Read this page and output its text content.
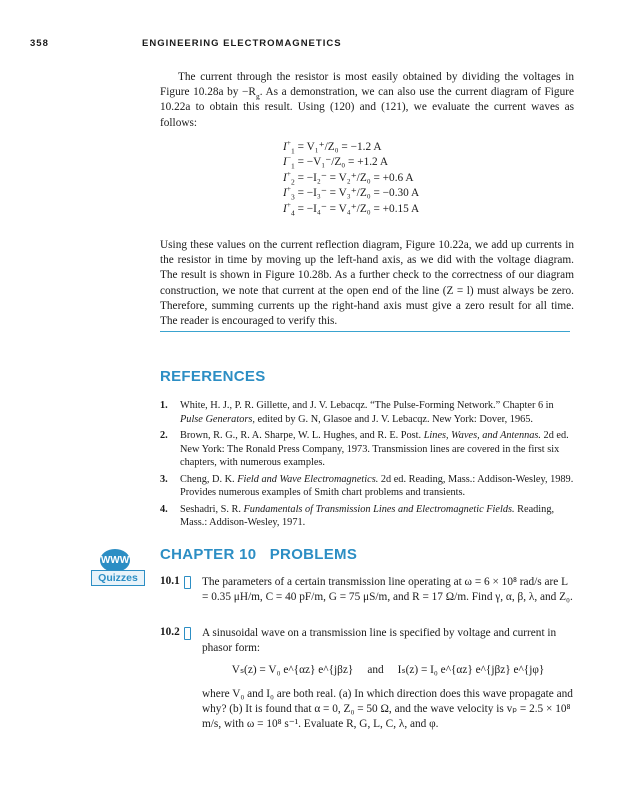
358	ENGINEERING ELECTROMAGNETICS

The current through the resistor is most easily obtained by dividing the voltages in Figure 10.28a by $-R_g$. As a demonstration, we can also use the current diagram of Figure 10.22a to obtain this result. Using (120) and (121), we evaluate the current waves as follows:

$I^+_1 = V_1^+/Z_0 = -1.2$ A
$I^-_1 = -V_1^-/Z_0 = +1.2$ A
$I^+_2 = -I_2^- = V_2^+/Z_0 = +0.6$ A
$I^+_3 = -I_3^- = V_3^+/Z_0 = -0.30$ A
$I^+_4 = -I_4^- = V_4^+/Z_0 = +0.15$ A

Using these values on the current reflection diagram, Figure 10.22a, we add up currents in the resistor in time by moving up the left-hand axis, as we did with the voltage diagram. The result is shown in Figure 10.28b. As a further check to the correctness of our diagram construction, we note that current at the open end of the line (Z = l) must always be zero. Therefore, summing currents up the right-hand axis must give a zero result for all time. The reader is encouraged to verify this.

REFERENCES
1. White, H. J., P. R. Gillette, and J. V. Lebacqz. “The Pulse-Forming Network.” Chapter 6 in Pulse Generators, edited by G. N, Glasoe and J. V. Lebacqz. New York: Dover, 1965.
2. Brown, R. G., R. A. Sharpe, W. L. Hughes, and R. E. Post. Lines, Waves, and Antennas. 2d ed. New York: The Ronald Press Company, 1973. Transmission lines are covered in the first six chapters, with numerous examples.
3. Cheng, D. K. Field and Wave Electromagnetics. 2d ed. Reading, Mass.: Addison-Wesley, 1989. Provides numerous examples of Smith chart problems and transients.
4. Seshadri, S. R. Fundamentals of Transmission Lines and Electromagnetic Fields. Reading, Mass.: Addison-Wesley, 1971.
WWW
Quizzes
CHAPTER 10   PROBLEMS
10.1 The parameters of a certain transmission line operating at ω = 6 × 10⁸ rad/s are L = 0.35 μH/m, C = 40 pF/m, G = 75 μS/m, and R = 17 Ω/m. Find γ, α, β, λ, and Z₀.

10.2 A sinusoidal wave on a transmission line is specified by voltage and current in phasor form:

Vₛ(z) = V₀ e^{αz} e^{jβz} and Iₛ(z) = I₀ e^{αz} e^{jβz} e^{jφ}

where V₀ and I₀ are both real. (a) In which direction does this wave propagate and why? (b) It is found that α = 0, Z₀ = 50 Ω, and the wave velocity is vₚ = 2.5 × 10⁸ m/s, with ω = 10⁸ s⁻¹. Evaluate R, G, L, C, λ, and φ.
